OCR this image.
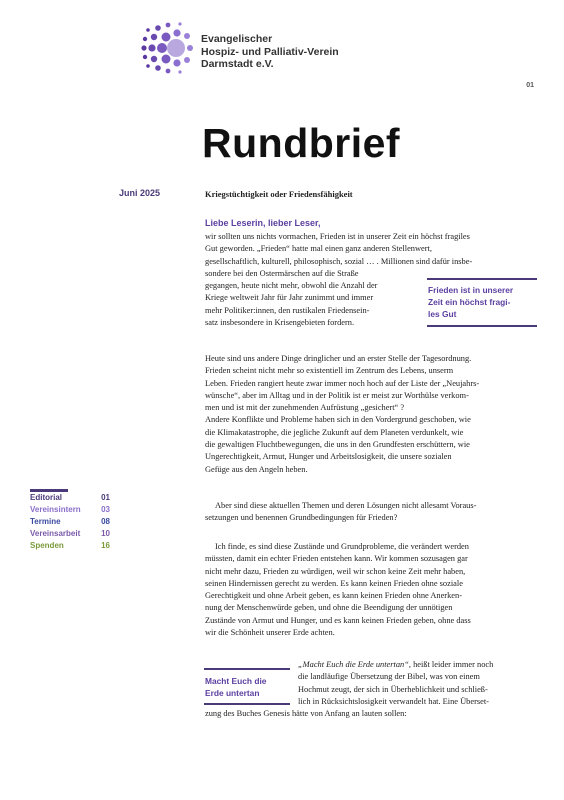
Evangelischer
Hospiz- und Palliativ-Verein
Darmstadt e.V.
01
Rundbrief
Juni 2025	Kriegstüchtigkeit oder Friedensfähigkeit
Liebe Leserin, lieber Leser,
wir sollten uns nichts vormachen, Frieden ist in unserer Zeit ein höchst fragiles
Gut geworden. „Frieden“ hatte mal einen ganz anderen Stellenwert,
gesellschaftlich, kulturell, philosophisch, sozial … . Millionen sind dafür insbe-
sondere bei den Ostermärschen auf die Straße
gegangen, heute nicht mehr, obwohl die Anzahl der
Kriege weltweit Jahr für Jahr zunimmt und immer
mehr Politiker:innen, den rustikalen Friedensein-
satz insbesondere in Krisengebieten fordern.
Frieden ist in unserer
Zeit ein höchst fragi-
les Gut
Heute sind uns andere Dinge dringlicher und an erster Stelle der Tagesordnung.
Frieden scheint nicht mehr so existentiell im Zentrum des Lebens, unserm
Leben. Frieden rangiert heute zwar immer noch hoch auf der Liste der „Neujahrs-
wünsche“, aber im Alltag und in der Politik ist er meist zur Worthülse verkom-
men und ist mit der zunehmenden Aufrüstung „gesichert“ ?
Andere Konflikte und Probleme haben sich in den Vordergrund geschoben, wie
die Klimakatastrophe, die jegliche Zukunft auf dem Planeten verdunkelt, wie
die gewaltigen Fluchtbewegungen, die uns in den Grundfesten erschüttern, wie
Ungerechtigkeit, Armut, Hunger und Arbeitslosigkeit, die unsere sozialen
Gefüge aus den Angeln heben.
Editorial	01
Vereinsintern	03
Termine	08
Vereinsarbeit	10
Spenden	16
Aber sind diese aktuellen Themen und deren Lösungen nicht allesamt Voraus-
setzungen und benennen Grundbedingungen für Frieden?
Ich finde, es sind diese Zustände und Grundprobleme, die verändert werden
müssten, damit ein echter Frieden entstehen kann. Wir kommen sozusagen gar
nicht mehr dazu, Frieden zu würdigen, weil wir schon keine Zeit mehr haben,
seinen Hindernissen gerecht zu werden. Es kann keinen Frieden ohne soziale
Gerechtigkeit und ohne Arbeit geben, es kann keinen Frieden ohne Anerken-
nung der Menschenwürde geben, und ohne die Beendigung der unnötigen
Zustände von Armut und Hunger, und es kann keinen Frieden geben, ohne dass
wir die Schönheit unserer Erde achten.
Macht Euch die
Erde untertan
„Macht Euch die Erde untertan“, heißt leider immer noch
die landläufige Übersetzung der Bibel, was von einem
Hochmut zeugt, der sich in Überheblichkeit und schließ-
lich in Rücksichtslosigkeit verwandelt hat. Eine Überset-
zung des Buches Genesis hätte von Anfang an lauten sollen:
